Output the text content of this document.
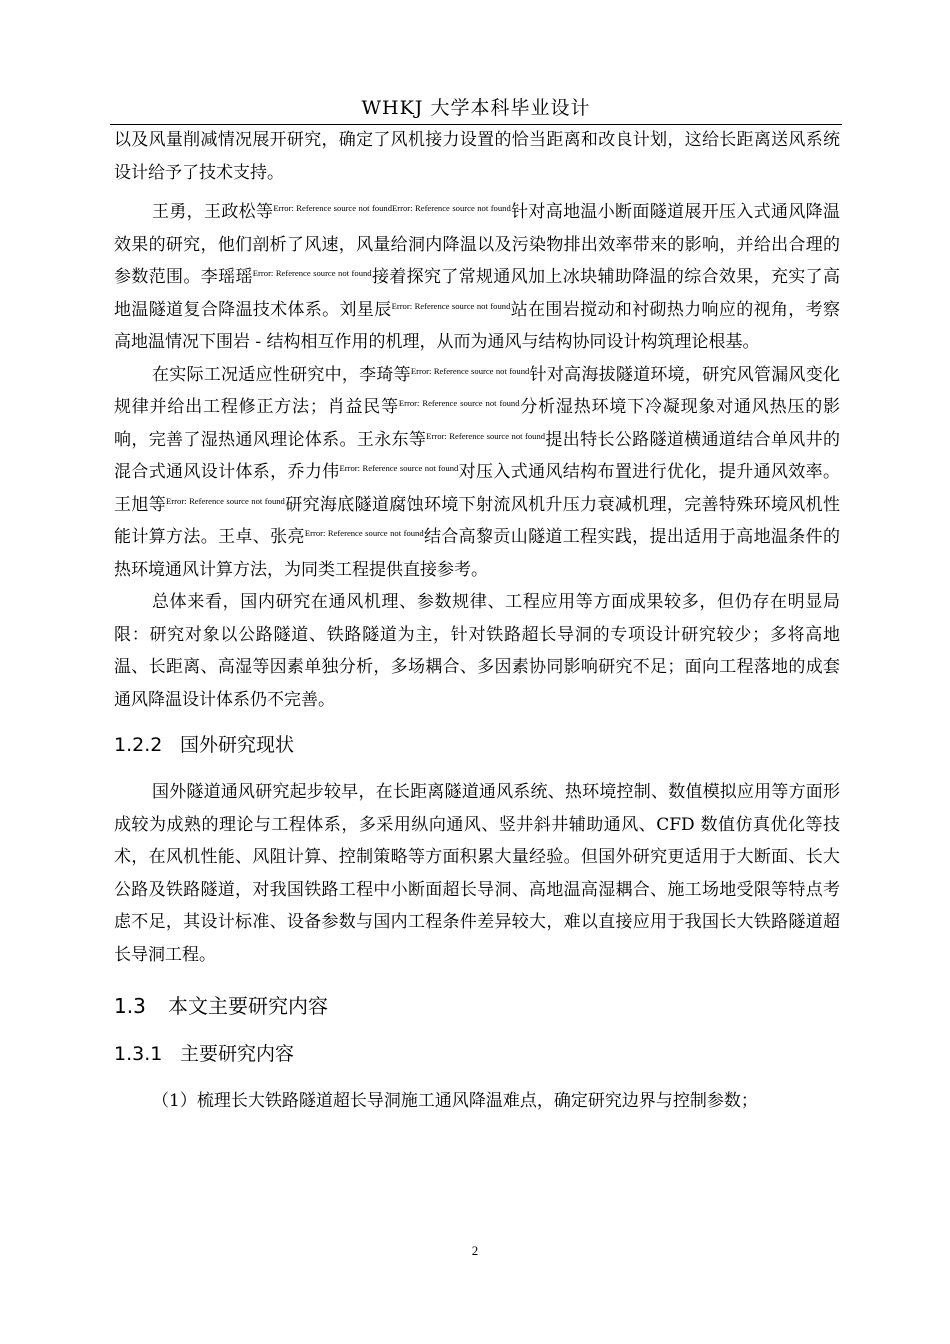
WHKJ 大学本科毕业设计

以及风量削减情况展开研究，确定了风机接力设置的恰当距离和改良计划，这给长距离送风系统设计给予了技术支持。

王勇，王政松等$^{Error: Reference source not foundError: Reference source not found}$针对高地温小断面隧道展开压入式通风降温效果的研究，他们剖析了风速，风量给洞内降温以及污染物排出效率带来的影响，并给出合理的参数范围。李瑶瑶$^{Error: Reference source not found}$接着探究了常规通风加上冰块辅助降温的综合效果，充实了高地温隧道复合降温技术体系。刘星辰$^{Error: Reference source not found}$站在围岩搅动和衬砌热力响应的视角，考察高地温情况下围岩 - 结构相互作用的机理，从而为通风与结构协同设计构筑理论根基。

在实际工况适应性研究中，李琦等$^{Error: Reference source not found}$针对高海拔隧道环境，研究风管漏风变化规律并给出工程修正方法；肖益民等$^{Error: Reference source not found}$分析湿热环境下冷凝现象对通风热压的影响，完善了湿热通风理论体系。王永东等$^{Error: Reference source not found}$提出特长公路隧道横通道结合单风井的混合式通风设计体系，乔力伟$^{Error: Reference source not found}$对压入式通风结构布置进行优化，提升通风效率。王旭等$^{Error: Reference source not found}$研究海底隧道腐蚀环境下射流风机升压力衰减机理，完善特殊环境风机性能计算方法。王卓、张亮$^{Error: Reference source not found}$结合高黎贡山隧道工程实践，提出适用于高地温条件的热环境通风计算方法，为同类工程提供直接参考。

总体来看，国内研究在通风机理、参数规律、工程应用等方面成果较多，但仍存在明显局限：研究对象以公路隧道、铁路隧道为主，针对铁路超长导洞的专项设计研究较少；多将高地温、长距离、高湿等因素单独分析，多场耦合、多因素协同影响研究不足；面向工程落地的成套通风降温设计体系仍不完善。

1.2.2 国外研究现状

国外隧道通风研究起步较早，在长距离隧道通风系统、热环境控制、数值模拟应用等方面形成较为成熟的理论与工程体系，多采用纵向通风、竖井斜井辅助通风、CFD 数值仿真优化等技术，在风机性能、风阻计算、控制策略等方面积累大量经验。但国外研究更适用于大断面、长大公路及铁路隧道，对我国铁路工程中小断面超长导洞、高地温高湿耦合、施工场地受限等特点考虑不足，其设计标准、设备参数与国内工程条件差异较大，难以直接应用于我国长大铁路隧道超长导洞工程。

1.3 本文主要研究内容
1.3.1 主要研究内容

（1）梳理长大铁路隧道超长导洞施工通风降温难点，确定研究边界与控制参数；

2
